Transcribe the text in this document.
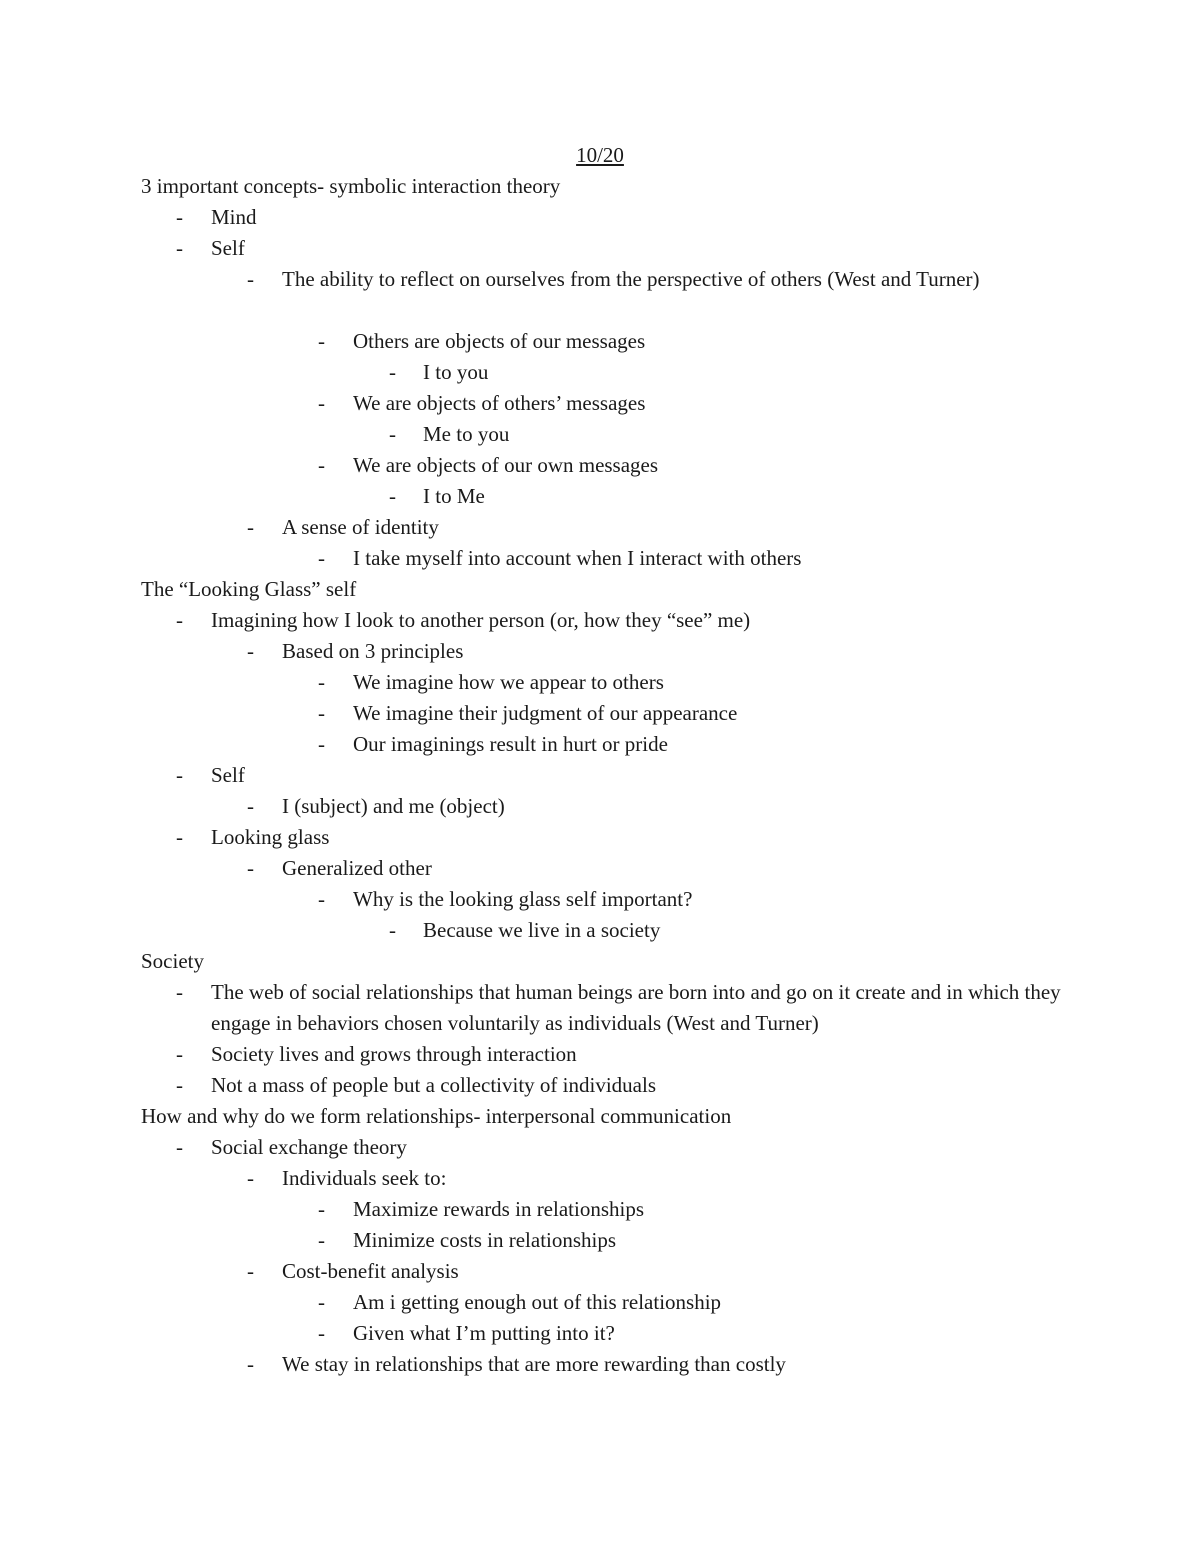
10/20
3 important concepts- symbolic interaction theory
- Mind
- Self
- The ability to reflect on ourselves from the perspective of others (West and Turner)
- Others are objects of our messages
- I to you
- We are objects of others’ messages
- Me to you
- We are objects of our own messages
- I to Me
- A sense of identity
- I take myself into account when I interact with others
The “Looking Glass” self
- Imagining how I look to another person (or, how they “see” me)
- Based on 3 principles
- We imagine how we appear to others
- We imagine their judgment of our appearance
- Our imaginings result in hurt or pride
- Self
- I (subject) and me (object)
- Looking glass
- Generalized other
- Why is the looking glass self important?
- Because we live in a society
Society
- The web of social relationships that human beings are born into and go on it create and in which they engage in behaviors chosen voluntarily as individuals (West and Turner)
- Society lives and grows through interaction
- Not a mass of people but a collectivity of individuals
How and why do we form relationships- interpersonal communication
- Social exchange theory
- Individuals seek to:
- Maximize rewards in relationships
- Minimize costs in relationships
- Cost-benefit analysis
- Am i getting enough out of this relationship
- Given what I’m putting into it?
- We stay in relationships that are more rewarding than costly
